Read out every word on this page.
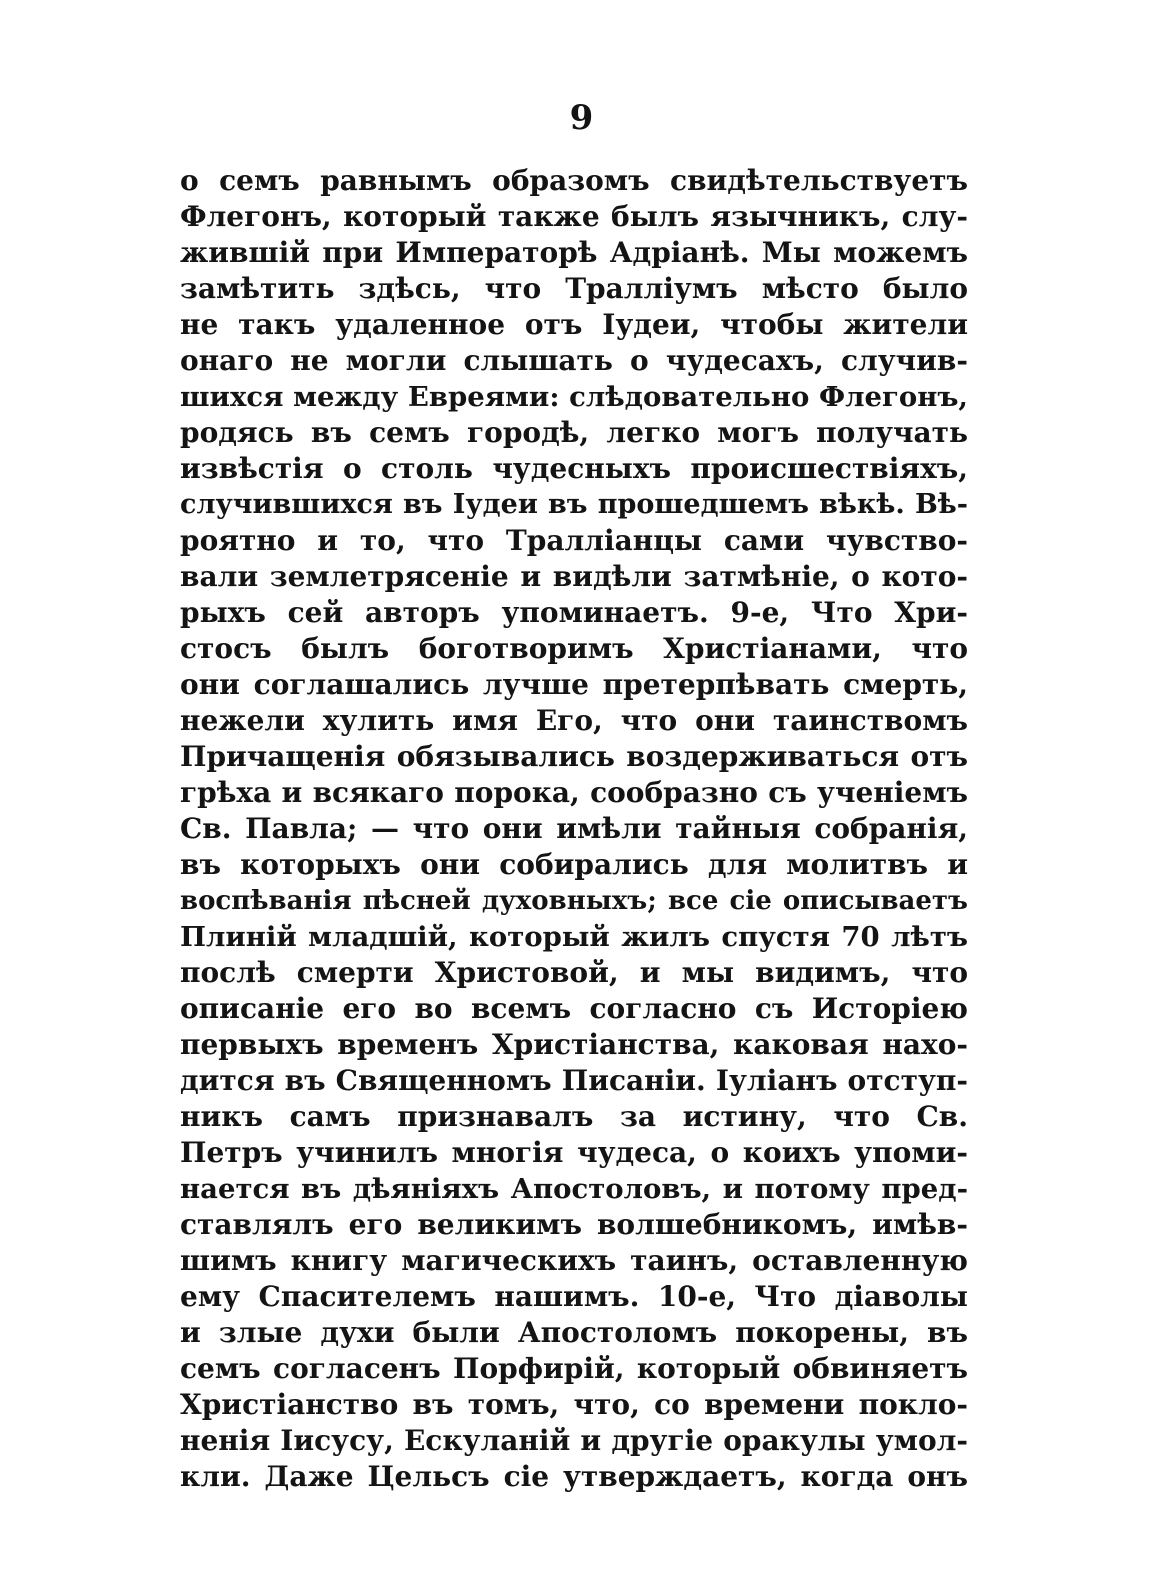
9
о семъ равнымъ образомъ свидѣтельствуетъ
Флегонъ, который также былъ язычникъ, слу-
жившій при Императорѣ Адріанѣ. Мы можемъ
замѣтить здѣсь, что Траллiумъ мѣсто было
не такъ удаленное отъ Іудеи, чтобы жители
онаго не могли слышать о чудесахъ, случив-
шихся между Евреями: слѣдовательно Флегонъ,
родясь въ семъ городѣ, легко могъ получать
извѣстія о столь чудесныхъ происшествіяхъ,
случившихся въ Іудеи въ прошедшемъ вѣкѣ. Вѣ-
роятно и то, что Траллiанцы сами чувство-
вали землетрясеніе и видѣли затмѣніе, о кото-
рыхъ сей авторъ упоминаетъ. 9-е, Что Хри-
стосъ былъ боготворимъ Христіанами, что
они соглашались лучше претерпѣвать смерть,
нежели хулить имя Его, что они таинствомъ
Причащенія обязывались воздерживаться отъ
грѣха и всякаго порока, сообразно съ ученіемъ
Св. Павла; — что они имѣли тайныя собранія,
въ которыхъ они собирались для молитвъ и
воспѣванія пѣсней духовныхъ; все сіе описываетъ
Плиній младшій, который жилъ спустя 70 лѣтъ
послѣ смерти Христовой, и мы видимъ, что
описаніе его во всемъ согласно съ Исторіею
первыхъ временъ Христіанства, каковая нахо-
дится въ Священномъ Писаніи. Іуліанъ отступ-
никъ самъ признавалъ за истину, что Св.
Петръ учинилъ многія чудеса, о коихъ упоми-
нается въ дѣяніяхъ Апостоловъ, и потому пред-
ставлялъ его великимъ волшебникомъ, имѣв-
шимъ книгу магическихъ таинъ, оставленную
ему Спасителемъ нашимъ. 10-е, Что діаволы
и злые духи были Апостоломъ покорены, въ
семъ согласенъ Порфирій, который обвиняетъ
Христіанство въ томъ, что, со времени покло-
ненія Іисусу, Ескуланій и другіе оракулы умол-
кли. Даже Цельсъ сіе утверждаетъ, когда онъ
